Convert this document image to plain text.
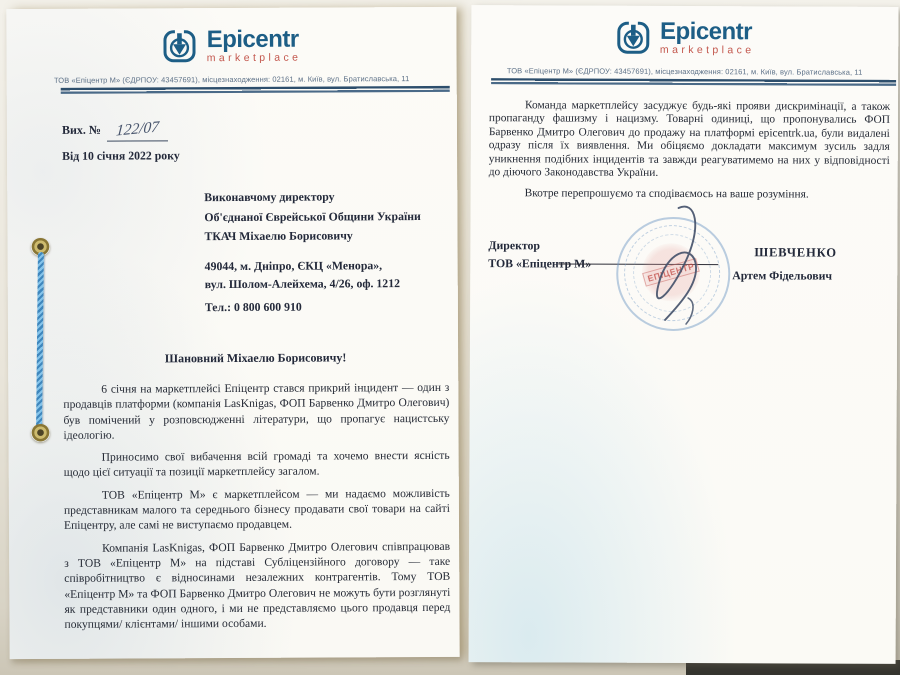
Epicentr
marketplace
ТОВ «Епіцентр М» (ЄДРПОУ: 43457691), місцезнаходження: 02161, м. Київ, вул. Братиславська, 11
Вих. № 122/07
Від 10 січня 2022 року
Виконавчому директору
Об'єднаної Єврейської Общини України
ТКАЧ Міхаелю Борисовичу
49044, м. Дніпро, ЄКЦ «Менора»,
вул. Шолом-Алейхема, 4/26, оф. 1212
Тел.: 0 800 600 910
Шановний Міхаелю Борисовичу!

6 січня на маркетплейсі Епіцентр стався прикрий інцидент — один з продавців платформи (компанія LasKnigas, ФОП Барвенко Дмитро Олегович) був помічений у розповсюдженні літератури, що пропагує нацистську ідеологію.

Приносимо свої вибачення всій громаді та хочемо внести ясність щодо цієї ситуації та позиції маркетплейсу загалом.

ТОВ «Епіцентр М» є маркетплейсом — ми надаємо можливість представникам малого та середнього бізнесу продавати свої товари на сайті Епіцентру, але самі не виступаємо продавцем.

Компанія LasKnigas, ФОП Барвенко Дмитро Олегович співпрацював з ТОВ «Епіцентр М» на підставі Субліцензійного договору — таке співробітництво є відносинами незалежних контрагентів. Тому ТОВ «Епіцентр М» та ФОП Барвенко Дмитро Олегович не можуть бути розглянуті як представники один одного, і ми не представляємо цього продавця перед покупцями/ клієнтами/ іншими особами.

Epicentr
marketplace
ТОВ «Епіцентр М» (ЄДРПОУ: 43457691), місцезнаходження: 02161, м. Київ, вул. Братиславська, 11

Команда маркетплейсу засуджує будь-які прояви дискримінації, а також пропаганду фашизму і нацизму. Товарні одиниці, що пропонувались ФОП Барвенко Дмитро Олегович до продажу на платформі epicentrk.ua, були видалені одразу після їх виявлення. Ми обіцяємо докладати максимум зусиль задля уникнення подібних інцидентів та завжди реагуватимемо на них у відповідності до діючого Законодавства України.

Вкотре перепрошуємо та сподіваємось на ваше розуміння.

Директор
ТОВ «Епіцентр М»	ЕПІЦЕНТР
ШЕВЧЕНКО
Артем Фідельович
